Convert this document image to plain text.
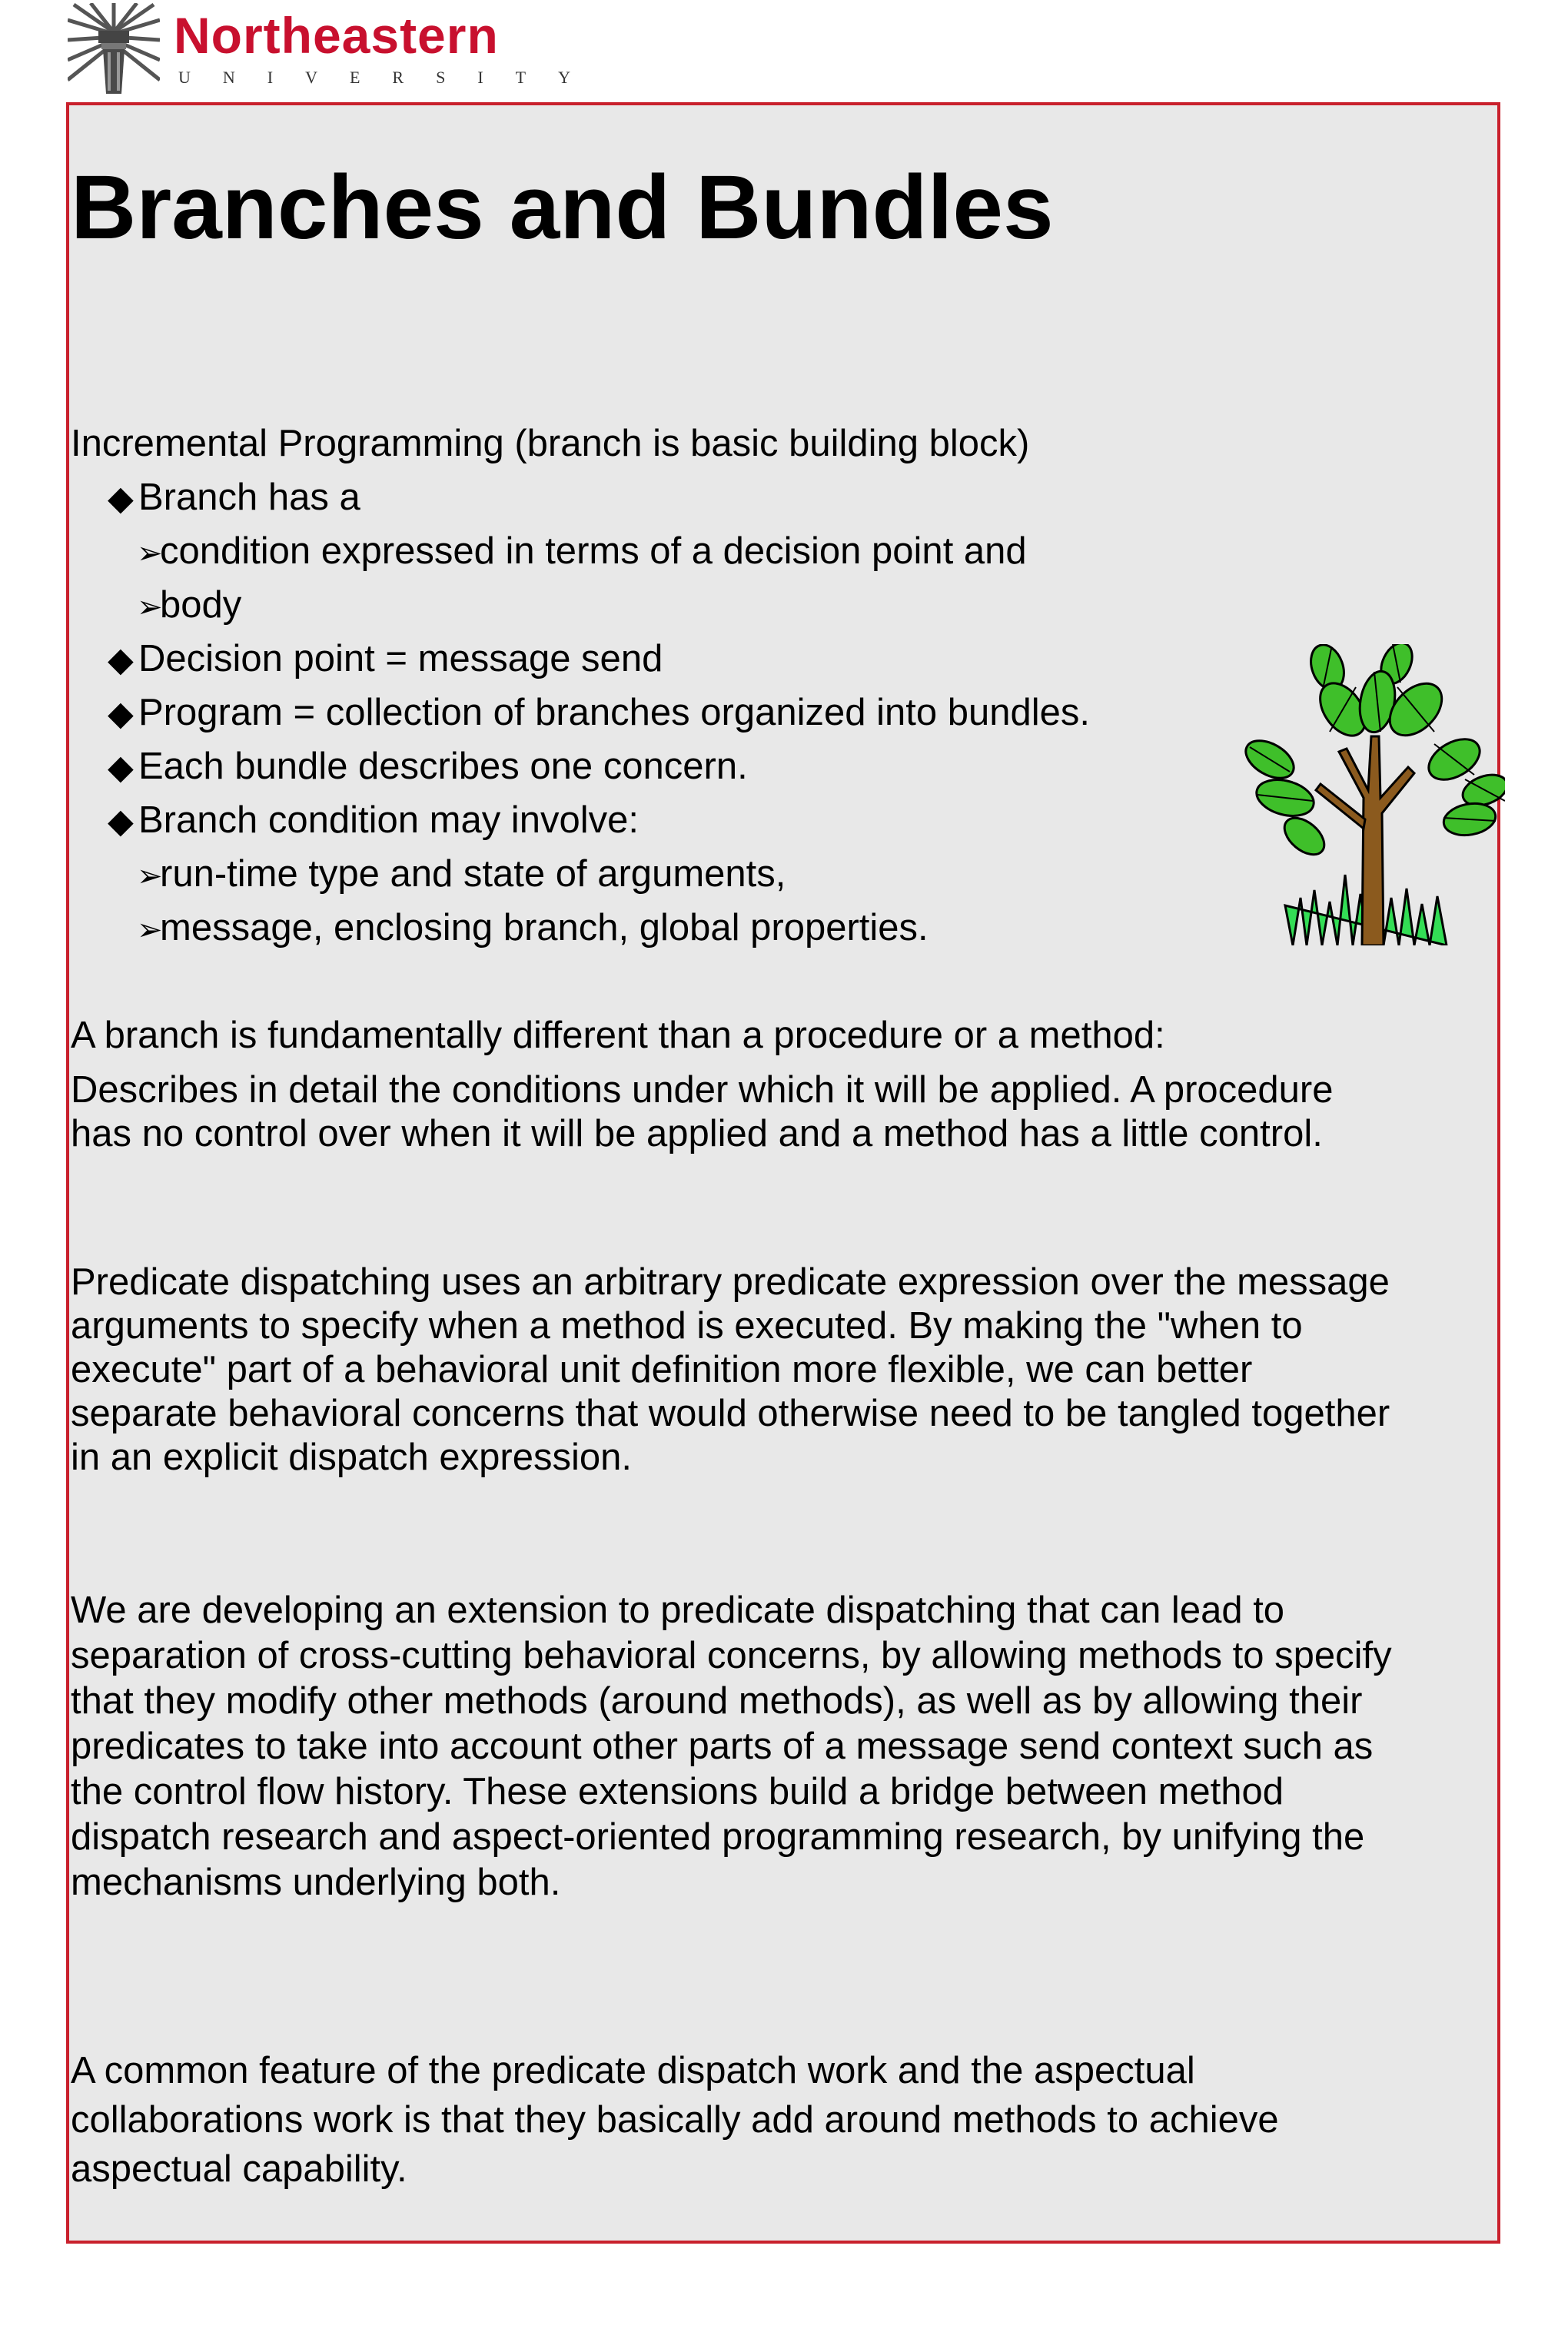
Northeastern
UNIVERSITY
Branches and Bundles
Incremental Programming (branch is basic building block)
◆ Branch has a
➢condition expressed in terms of a decision point and
➢body
◆ Decision point = message send
◆ Program = collection of branches organized into bundles.
◆ Each bundle describes one concern.
◆ Branch condition may involve:
➢run-time type and state of arguments,
➢message, enclosing branch, global properties.
A branch is fundamentally different than a procedure or a method:

Describes in detail the conditions under which it will be applied. A procedure has no control over when it will be applied and a method has a little control.

Predicate dispatching uses an arbitrary predicate expression over the message arguments to specify when a method is executed. By making the "when to execute" part of a behavioral unit definition more flexible, we can better separate behavioral concerns that would otherwise need to be tangled together in an explicit dispatch expression.

We are developing an extension to predicate dispatching that can lead to separation of cross-cutting behavioral concerns, by allowing methods to specify that they modify other methods (around methods), as well as by allowing their predicates to take into account other parts of a message send context such as the control flow history. These extensions build a bridge between method dispatch research and aspect-oriented programming research, by unifying the mechanisms underlying both.

A common feature of the predicate dispatch work and the aspectual collaborations work is that they basically add around methods to achieve aspectual capability.
